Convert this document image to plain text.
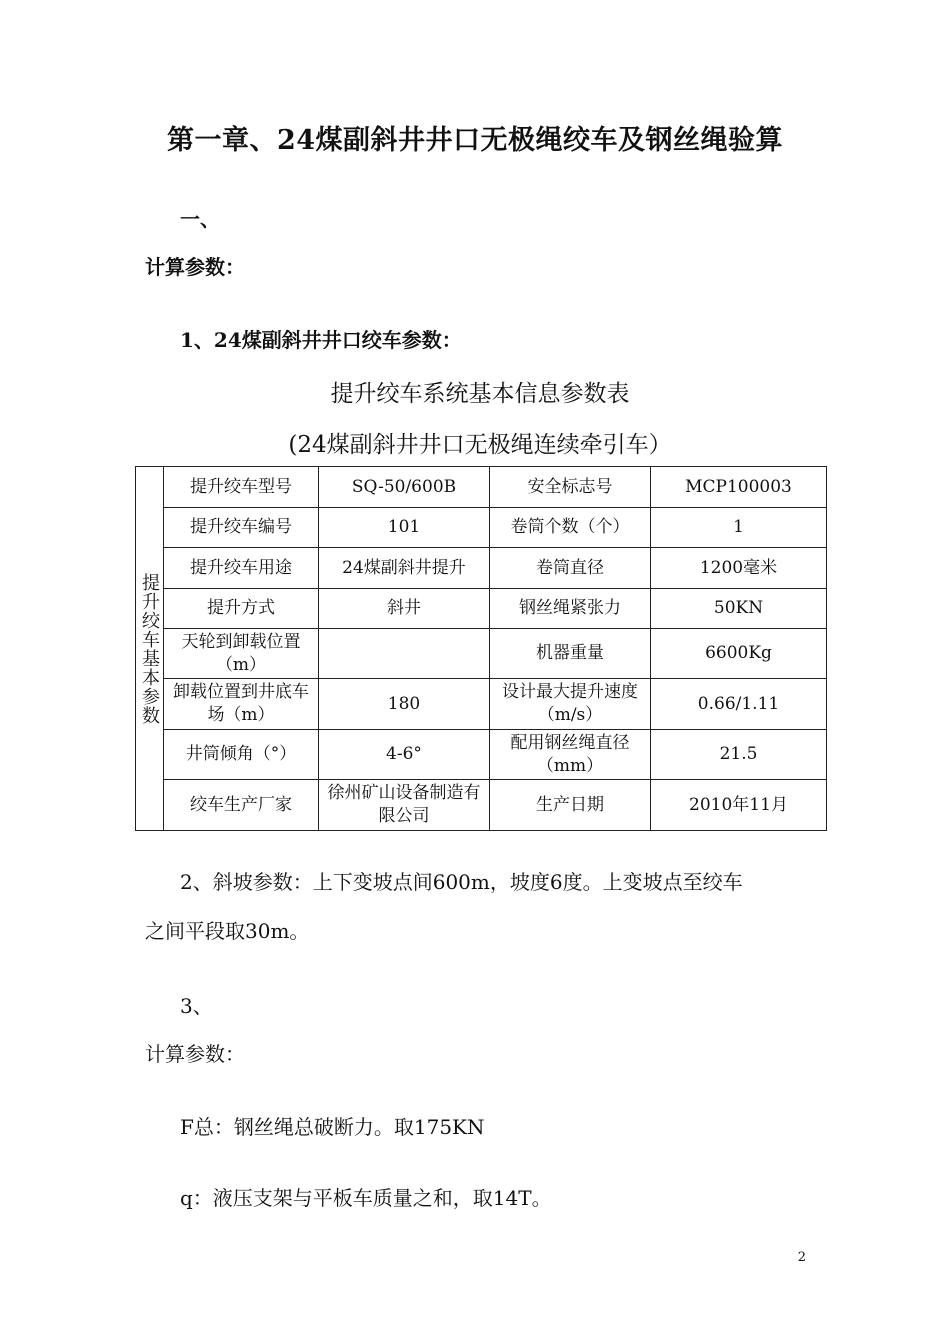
第一章、24煤副斜井井口无极绳绞车及钢丝绳验算
一、
计算参数：
1、24煤副斜井井口绞车参数：
提升绞车系统基本信息参数表
(24煤副斜井井口无极绳连续牵引车）
提升绞车基本参数	提升绞车型号	SQ-50/600B	安全标志号	MCP100003
	提升绞车编号	101	卷筒个数（个）	1
	提升绞车用途	24煤副斜井提升	卷筒直径	1200毫米
	提升方式	斜井	钢丝绳紧张力	50KN
	天轮到卸载位置（m）		机器重量	6600Kg
	卸载位置到井底车场（m）	180	设计最大提升速度（m/s）	0.66/1.11
	井筒倾角（°）	4-6°	配用钢丝绳直径（mm）	21.5
	绞车生产厂家	徐州矿山设备制造有限公司	生产日期	2010年11月
2、斜坡参数：上下变坡点间600m，坡度6度。上变坡点至绞车
之间平段取30m。
3、
计算参数：
F总：钢丝绳总破断力。取175KN
q：液压支架与平板车质量之和，取14T。
2
